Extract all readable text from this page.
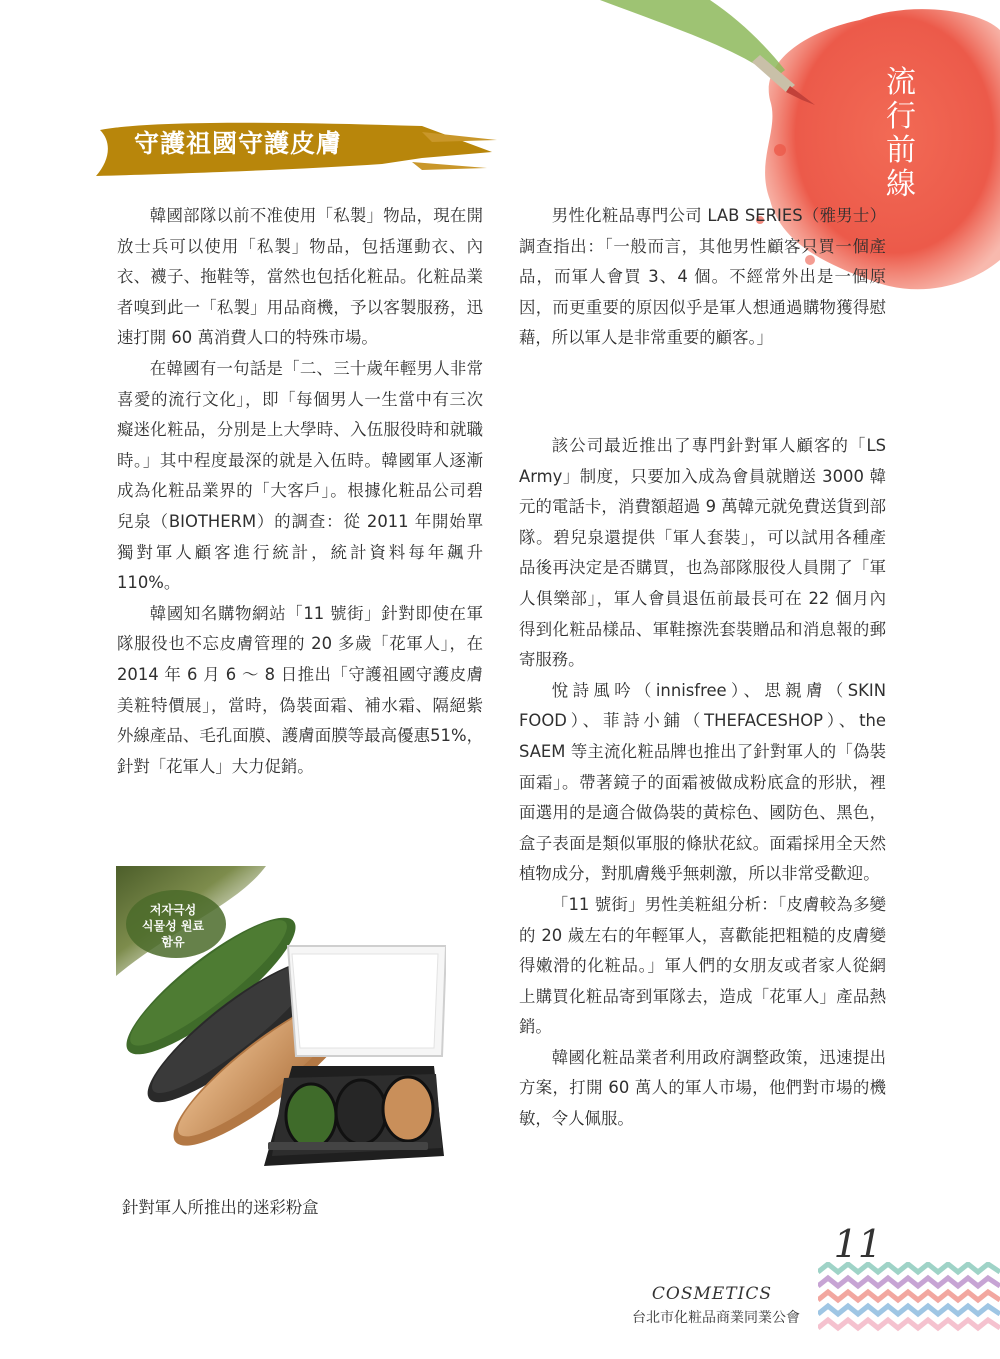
流
行
前
線
守護祖國守護皮膚

韓國部隊以前不准使用「私製」物品，現在開放士兵可以使用「私製」物品，包括運動衣、內衣、襪子、拖鞋等，當然也包括化粧品。化粧品業者嗅到此一「私製」用品商機，予以客製服務，迅速打開 60 萬消費人口的特殊市場。

在韓國有一句話是「二、三十歲年輕男人非常喜愛的流行文化」，即「每個男人一生當中有三次癡迷化粧品，分別是上大學時、入伍服役時和就職時。」其中程度最深的就是入伍時。韓國軍人逐漸成為化粧品業界的「大客戶」。根據化粧品公司碧兒泉（BIOTHERM）的調查：從 2011 年開始單獨對軍人顧客進行統計，統計資料每年飆升 110%。

韓國知名購物網站「11 號街」針對即使在軍隊服役也不忘皮膚管理的 20 多歲「花軍人」，在 2014 年 6 月 6 ～ 8 日推出「守護祖國守護皮膚美粧特價展」，當時，偽裝面霜、補水霜、隔絕紫外線產品、毛孔面膜、護膚面膜等最高優惠51%，針對「花軍人」大力促銷。

男性化粧品專門公司 LAB SERIES（雅男士）調查指出：「一般而言，其他男性顧客只買一個產品，而軍人會買 3、4 個。不經常外出是一個原因，而更重要的原因似乎是軍人想通過購物獲得慰藉，所以軍人是非常重要的顧客。」

該公司最近推出了專門針對軍人顧客的「LS Army」制度，只要加入成為會員就贈送 3000 韓元的電話卡，消費額超過 9 萬韓元就免費送貨到部隊。碧兒泉還提供「軍人套裝」，可以試用各種產品後再決定是否購買，也為部隊服役人員開了「軍人俱樂部」，軍人會員退伍前最長可在 22 個月內得到化粧品樣品、軍鞋擦洗套裝贈品和消息報的郵寄服務。

悅詩風吟（innisfree）、思親膚（SKIN FOOD）、菲詩小鋪（THEFACESHOP）、the SAEM 等主流化粧品牌也推出了針對軍人的「偽裝面霜」。帶著鏡子的面霜被做成粉底盒的形狀，裡面選用的是適合做偽裝的黃棕色、國防色、黑色，盒子表面是類似軍服的條狀花紋。面霜採用全天然植物成分，對肌膚幾乎無刺激，所以非常受歡迎。

「11 號街」男性美粧組分析：「皮膚較為多變的 20 歲左右的年輕軍人，喜歡能把粗糙的皮膚變得嫩滑的化粧品。」軍人們的女朋友或者家人從網上購買化粧品寄到軍隊去，造成「花軍人」產品熱銷。

韓國化粧品業者利用政府調整政策，迅速提出方案，打開 60 萬人的軍人市場，他們對市場的機敏，令人佩服。

저자극성
식물성 원료
함유
針對軍人所推出的迷彩粉盒
11
COSMETICS
台北市化粧品商業同業公會
